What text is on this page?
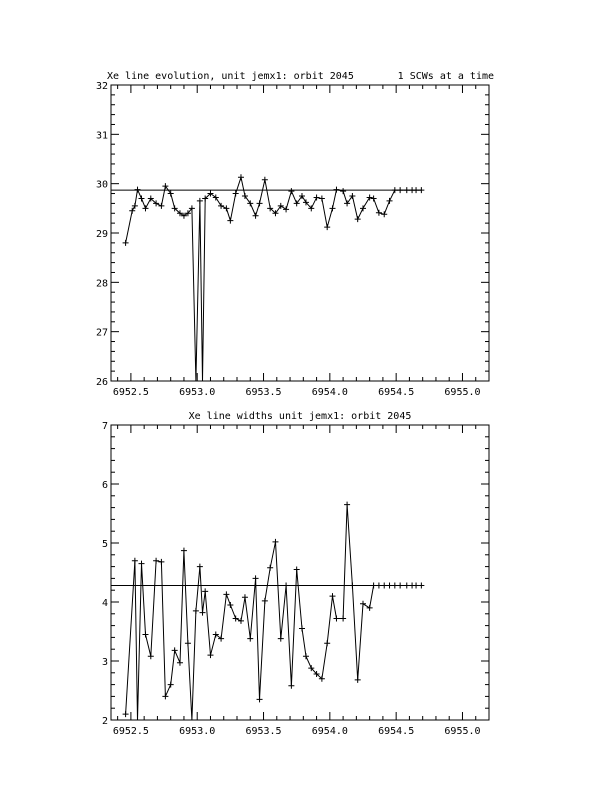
Xe line evolution, unit jemx1: orbit 2045	1 SCWs at a time
6952.5	6953.0	6953.5	6954.0	6954.5	6955.0
26
27
28
29
30
31
32
Xe line widths unit jemx1: orbit 2045
6952.5	6953.0	6953.5	6954.0	6954.5	6955.0
2
3
4
5
6
7
